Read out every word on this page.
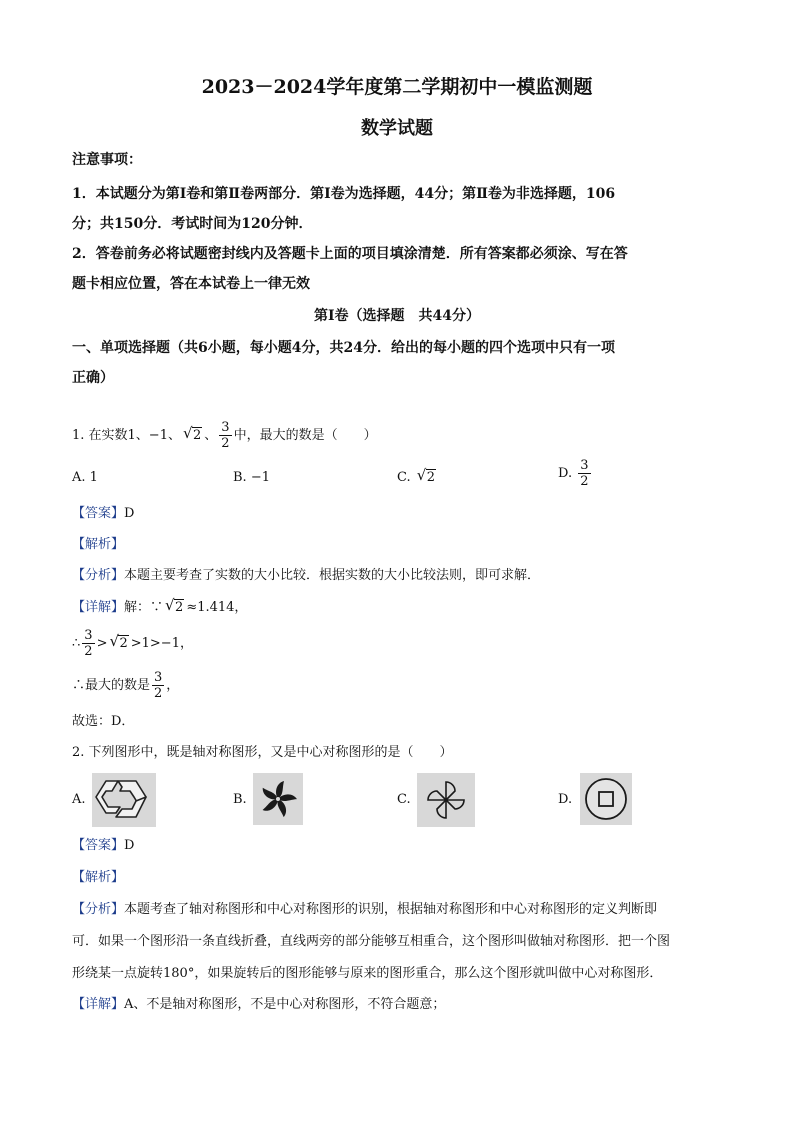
2023－2024学年度第二学期初中一模监测题
数学试题
注意事项：
1．本试题分为第Ⅰ卷和第Ⅱ卷两部分．第Ⅰ卷为选择题，44分；第Ⅱ卷为非选择题，106
分；共150分．考试时间为120分钟．
2．答卷前务必将试题密封线内及答题卡上面的项目填涂清楚．所有答案都必须涂、写在答
题卡相应位置，答在本试卷上一律无效
第Ⅰ卷（选择题　共44分）
一、单项选择题（共6小题，每小题4分，共24分．给出的每小题的四个选项中只有一项
正确）
1. 在实数1、−1、 √ 2 、 $\frac{3}{2}$ 中，最大的数是（　　）
A. 1	B. −1	C. √ 2	D. $\frac{3}{2}$
【答案】D
【解析】
【分析】本题主要考查了实数的大小比较．根据实数的大小比较法则，即可求解．
【详解】解：∵ √ 2 ≈1.414，
∴ $\frac{3}{2}$ > √ 2 >1>−1，
∴最大的数是 $\frac{3}{2}$ ，
故选：D．
2. 下列图形中，既是轴对称图形，又是中心对称图形的是（　　）
A.	B.	C.	D.
【答案】D
【解析】
【分析】本题考查了轴对称图形和中心对称图形的识别，根据轴对称图形和中心对称图形的定义判断即
可．如果一个图形沿一条直线折叠，直线两旁的部分能够互相重合，这个图形叫做轴对称图形．把一个图
形绕某一点旋转180°，如果旋转后的图形能够与原来的图形重合，那么这个图形就叫做中心对称图形．
【详解】A、不是轴对称图形，不是中心对称图形，不符合题意；
